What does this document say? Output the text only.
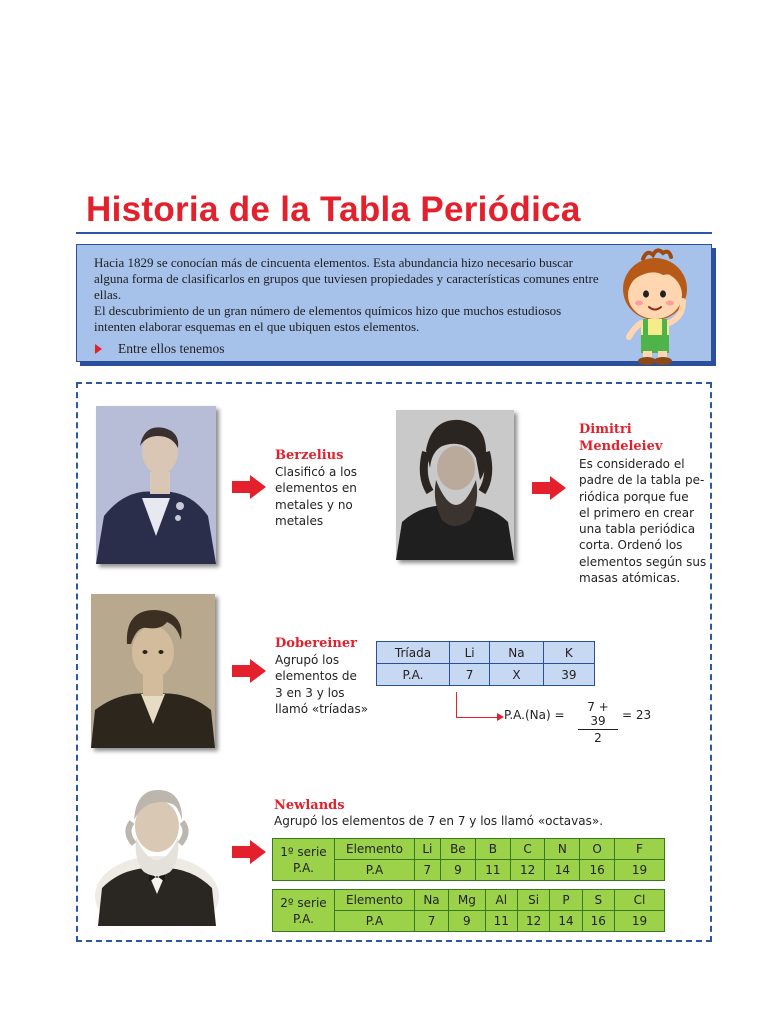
Historia de la Tabla Periódica

Hacia 1829 se conocían más de cincuenta elementos. Esta abundancia hizo necesario buscar alguna forma de clasificarlos en grupos que tuviesen propiedades y características comunes entre ellas.

El descubrimiento de un gran número de elementos químicos hizo que muchos estudiosos intenten elaborar esquemas en el que ubiquen estos elementos.

Entre ellos tenemos
Berzelius
Clasificó a los
elementos en
metales y no
metales
Dimitri
Mendeleiev
Es considerado el
padre de la tabla pe-
riódica porque fue
el primero en crear
una tabla periódica
corta. Ordenó los
elementos según sus
masas atómicas.
Dobereiner
Agrupó los
elementos de
3 en 3 y los
llamó «tríadas»
Tríada	Li	Na	K
P.A.	7	X	39
$P.A.(Na) = \frac{7 + 39}{2} = 23$
Newlands
Agrupó los elementos de 7 en 7 y los llamó «octavas».
1º serie
P.A.	Elemento	Li	Be	B	C	N	O	F
	P.A	7	9	11	12	14	16	19
2º serie
P.A.	Elemento	Na	Mg	Al	Si	P	S	Cl
	P.A	7	9	11	12	14	16	19
